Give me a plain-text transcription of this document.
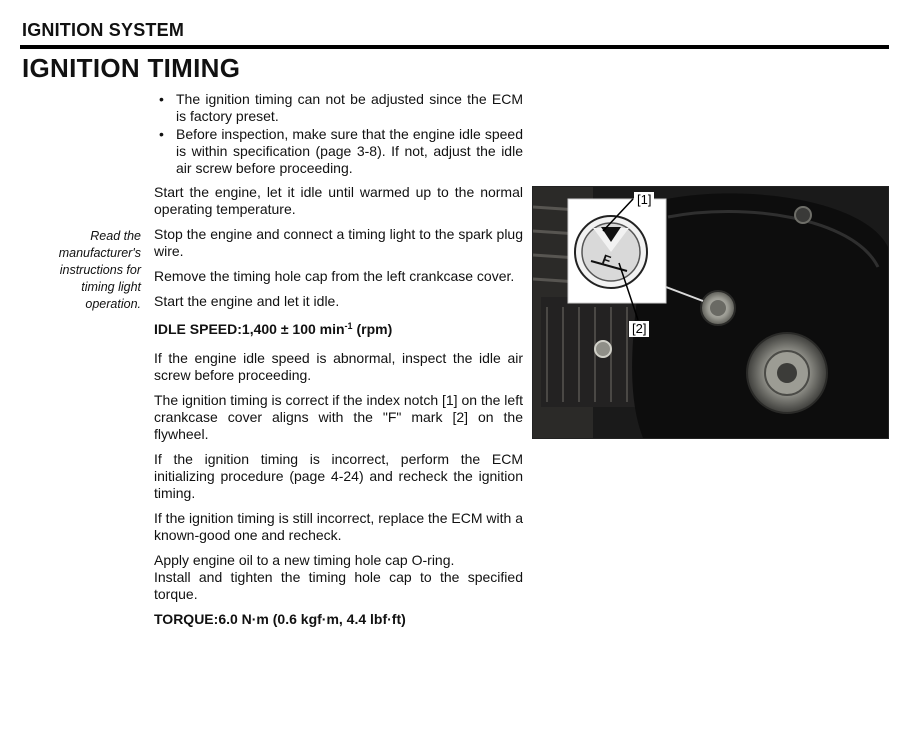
IGNITION SYSTEM
IGNITION TIMING
Read the manufacturer's instructions for timing light operation.
• The ignition timing can not be adjusted since the ECM is factory preset.
• Before inspection, make sure that the engine idle speed is within specification (page 3-8). If not, adjust the idle air screw before proceeding.

Start the engine, let it idle until warmed up to the normal operating temperature.

Stop the engine and connect a timing light to the spark plug wire.

Remove the timing hole cap from the left crankcase cover.

Start the engine and let it idle.

IDLE SPEED:1,400 ± 100 $\min^{-1} (rpm)$

If the engine idle speed is abnormal, inspect the idle air screw before proceeding.

The ignition timing is correct if the index notch [1] on the left crankcase cover aligns with the "F" mark [2] on the flywheel.

If the ignition timing is incorrect, perform the ECM initializing procedure (page 4-24) and recheck the ignition timing.

If the ignition timing is still incorrect, replace the ECM with a known-good one and recheck.

Apply engine oil to a new timing hole cap O-ring.

Install and tighten the timing hole cap to the specified torque.

TORQUE:6.0 N·m (0.6 kgf·m, 4.4 lbf·ft)

F
[1]
[2]
